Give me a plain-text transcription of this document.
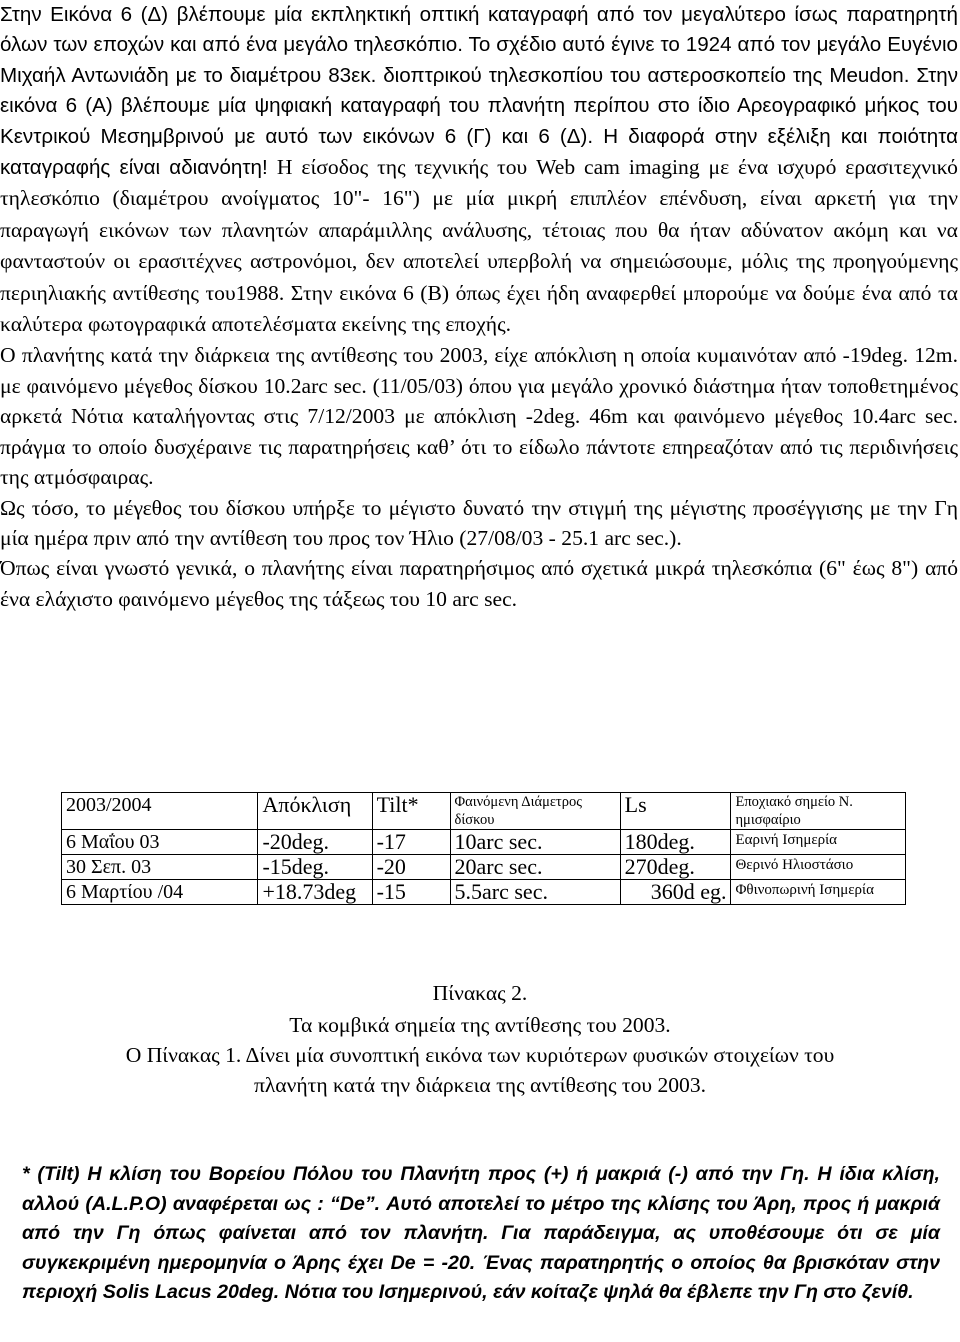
Στην Εικόνα 6 (Δ) βλέπουμε μία εκπληκτική οπτική καταγραφή από τον μεγαλύτερο ίσως παρατηρητή όλων των εποχών και από ένα μεγάλο τηλεσκόπιο. Το σχέδιο αυτό έγινε το 1924 από τον μεγάλο Ευγένιο Μιχαήλ Αντωνιάδη με το διαμέτρου 83εκ. διοπτρικού τηλεσκοπίου του αστεροσκοπείο της Meudon. Στην εικόνα 6 (Α) βλέπουμε μία ψηφιακή καταγραφή του πλανήτη περίπου στο ίδιο Αρεογραφικό μήκος του Κεντρικού Μεσημβρινού με αυτό των εικόνων 6 (Γ) και 6 (Δ). Η διαφορά στην εξέλιξη και ποιότητα καταγραφής είναι αδιανόητη! Η είσοδος της τεχνικής του Web cam imaging με ένα ισχυρό ερασιτεχνικό τηλεσκόπιο (διαμέτρου ανοίγματος 10"- 16") με μία μικρή επιπλέον επένδυση, είναι αρκετή για την παραγωγή εικόνων των πλανητών απαράμιλλης ανάλυσης, τέτοιας που θα ήταν αδύνατον ακόμη και να φανταστούν οι ερασιτέχνες αστρονόμοι, δεν αποτελεί υπερβολή να σημειώσουμε, μόλις της προηγούμενης περιηλιακής αντίθεσης του1988. Στην εικόνα 6 (Β) όπως έχει ήδη αναφερθεί μπορούμε να δούμε ένα από τα καλύτερα φωτογραφικά αποτελέσματα εκείνης της εποχής.

Ο πλανήτης κατά την διάρκεια της αντίθεσης του 2003, είχε απόκλιση η οποία κυμαινόταν από -19deg. 12m. με φαινόμενο μέγεθος δίσκου 10.2arc sec. (11/05/03) όπου για μεγάλο χρονικό διάστημα ήταν τοποθετημένος αρκετά Νότια καταλήγοντας στις 7/12/2003 με απόκλιση -2deg. 46m και φαινόμενο μέγεθος 10.4arc sec. πράγμα το οποίο δυσχέραινε τις παρατηρήσεις καθ’ ότι το είδωλο πάντοτε επηρεαζόταν από τις περιδινήσεις της ατμόσφαιρας.

Ως τόσο, το μέγεθος του δίσκου υπήρξε το μέγιστο δυνατό την στιγμή της μέγιστης προσέγγισης με την Γη μία ημέρα πριν από την αντίθεση του προς τον Ήλιο (27/08/03 - 25.1 arc sec.).

Όπως είναι γνωστό γενικά, ο πλανήτης είναι παρατηρήσιμος από σχετικά μικρά τηλεσκόπια (6" έως 8") από ένα ελάχιστο φαινόμενο μέγεθος της τάξεως του 10 arc sec.

2003/2004	Απόκλιση	Tilt*	Φαινόμενη Διάμετρος δίσκου	Ls	Εποχιακό σημείο Ν. ημισφαίριο
6 Μαΐου 03	-20deg.	-17	10arc sec.	180deg.	Εαρινή Ισημερία
30 Σεπ. 03	-15deg.	-20	20arc sec.	270deg.	Θερινό Ηλιοστάσιο
6 Μαρτίου /04	+18.73deg	-15	5.5arc sec.	360d eg.	Φθινοπωρινή Ισημερία
Πίνακας 2.
Τα κομβικά σημεία της αντίθεσης του 2003.
Ο Πίνακας 1. Δίνει μία συνοπτική εικόνα των κυριότερων φυσικών στοιχείων του
πλανήτη κατά την διάρκεια της αντίθεσης του 2003.
* (Tilt) Η κλίση του Βορείου Πόλου του Πλανήτη προς (+) ή μακριά (-) από την Γη. Η ίδια κλίση, αλλού (A.L.P.O) αναφέρεται ως : “De”. Αυτό αποτελεί το μέτρο της κλίσης του Άρη, προς ή μακριά από την Γη όπως φαίνεται από τον πλανήτη. Για παράδειγμα, ας υποθέσουμε ότι σε μία συγκεκριμένη ημερομηνία ο Άρης έχει De = -20. Ένας παρατηρητής ο οποίος θα βρισκόταν στην περιοχή Solis Lacus 20deg. Νότια του Ισημερινού, εάν κοίταζε ψηλά θα έβλεπε την Γη στο ζενίθ.
